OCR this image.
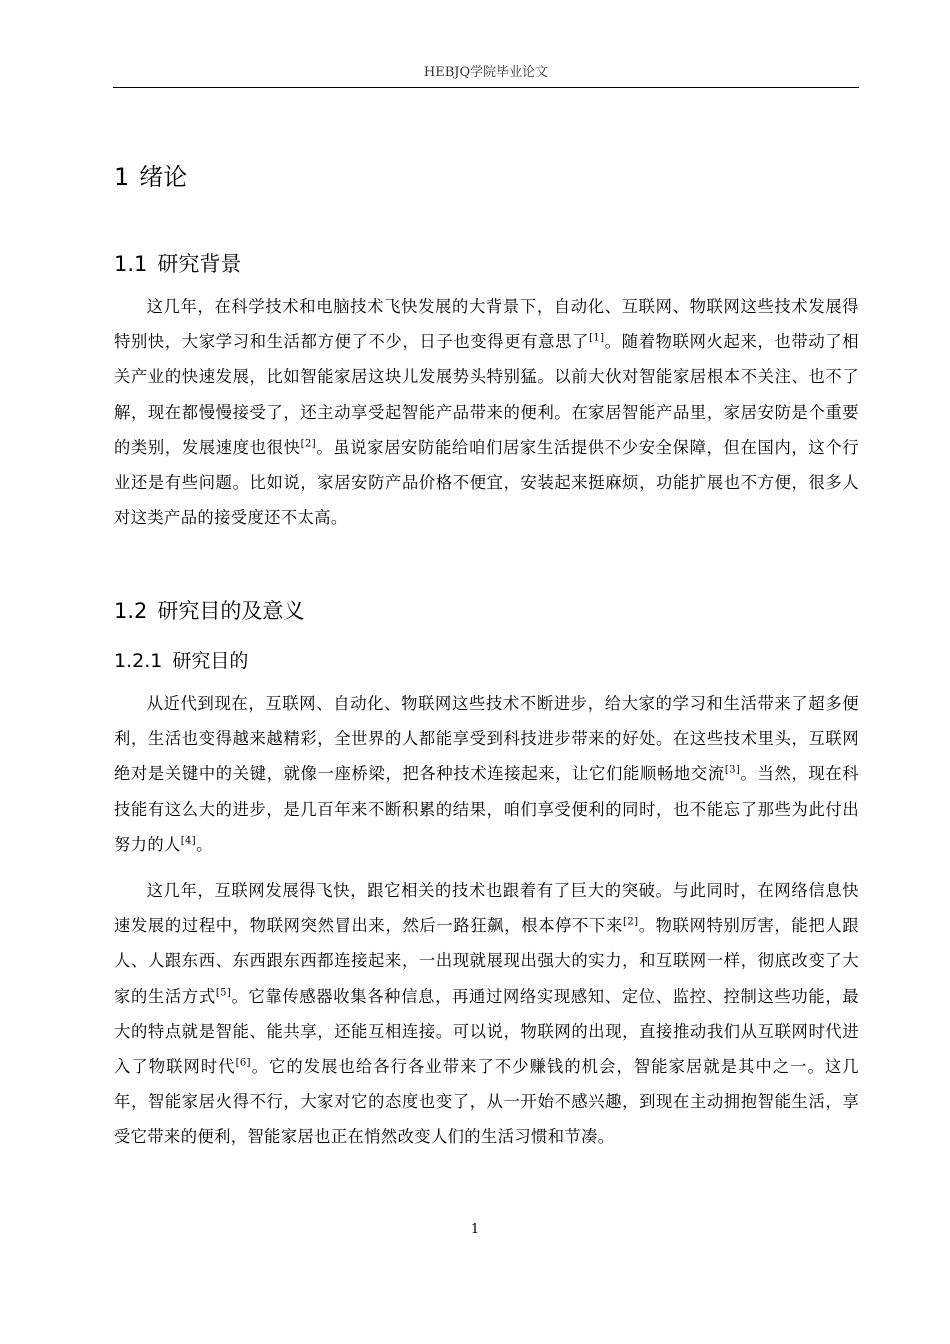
HEBJQ学院毕业论文
1 绪论
1.1 研究背景

这几年，在科学技术和电脑技术飞快发展的大背景下，自动化、互联网、物联网这些技术发展得特别快，大家学习和生活都方便了不少，日子也变得更有意思了[1]。随着物联网火起来，也带动了相关产业的快速发展，比如智能家居这块儿发展势头特别猛。以前大伙对智能家居根本不关注、也不了解，现在都慢慢接受了，还主动享受起智能产品带来的便利。在家居智能产品里，家居安防是个重要的类别，发展速度也很快[2]。虽说家居安防能给咱们居家生活提供不少安全保障，但在国内，这个行业还是有些问题。比如说，家居安防产品价格不便宜，安装起来挺麻烦，功能扩展也不方便，很多人对这类产品的接受度还不太高。

1.2 研究目的及意义
1.2.1 研究目的

从近代到现在，互联网、自动化、物联网这些技术不断进步，给大家的学习和生活带来了超多便利，生活也变得越来越精彩，全世界的人都能享受到科技进步带来的好处。在这些技术里头，互联网绝对是关键中的关键，就像一座桥梁，把各种技术连接起来，让它们能顺畅地交流[3]。当然，现在科技能有这么大的进步，是几百年来不断积累的结果，咱们享受便利的同时，也不能忘了那些为此付出努力的人[4]。

这几年，互联网发展得飞快，跟它相关的技术也跟着有了巨大的突破。与此同时，在网络信息快速发展的过程中，物联网突然冒出来，然后一路狂飙，根本停不下来[2]。物联网特别厉害，能把人跟人、人跟东西、东西跟东西都连接起来，一出现就展现出强大的实力，和互联网一样，彻底改变了大家的生活方式[5]。它靠传感器收集各种信息，再通过网络实现感知、定位、监控、控制这些功能，最大的特点就是智能、能共享，还能互相连接。可以说，物联网的出现，直接推动我们从互联网时代进入了物联网时代[6]。它的发展也给各行各业带来了不少赚钱的机会，智能家居就是其中之一。这几年，智能家居火得不行，大家对它的态度也变了，从一开始不感兴趣，到现在主动拥抱智能生活，享受它带来的便利，智能家居也正在悄然改变人们的生活习惯和节凑。

1
